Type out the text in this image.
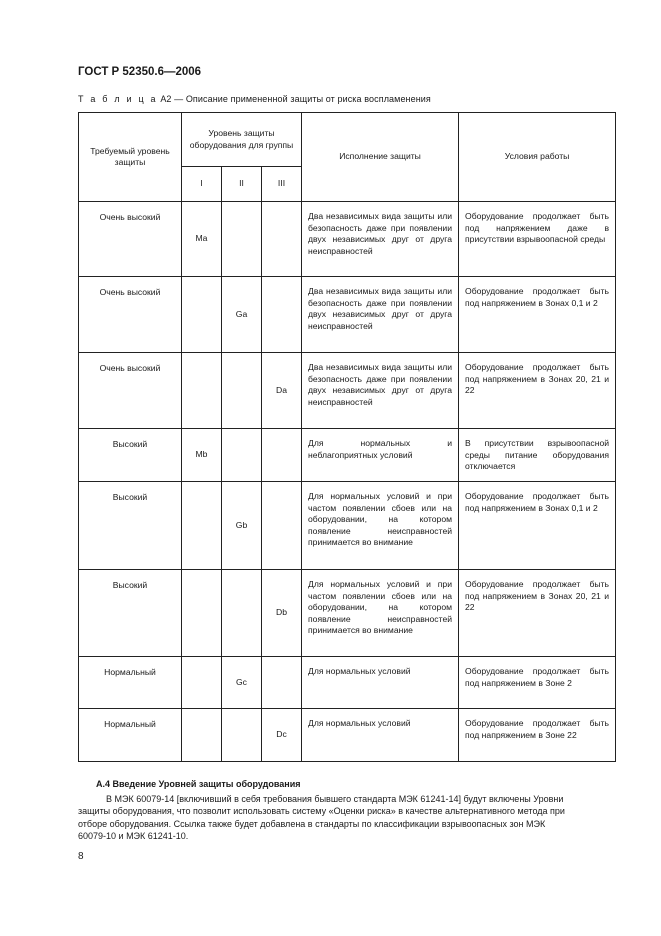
ГОСТ Р 52350.6—2006
Т а б л и ц а А2 — Описание примененной защиты от риска воспламенения
Требуемый уровень защиты	Уровень защиты оборудования для группы			Исполнение защиты	Условия работы
	I	II	III		
Очень высокий	Ma			Два независимых вида защиты или безопасность даже при появлении двух независимых друг от друга неисправностей	Оборудование продолжает быть под напряжением даже в присутствии взрывоопасной среды
Очень высокий		Ga		Два независимых вида защиты или безопасность даже при появлении двух независимых друг от друга неисправностей	Оборудование продолжает быть под напряжением в Зонах 0,1 и 2
Очень высокий			Da	Два независимых вида защиты или безопасность даже при появлении двух независимых друг от друга неисправностей	Оборудование продолжает быть под напряжением в Зонах 20, 21 и 22
Высокий	Mb			Для нормальных и неблагоприятных условий	В присутствии взрывоопасной среды питание оборудования отключается
Высокий		Gb		Для нормальных условий и при частом появлении сбоев или на оборудовании, на котором появление неисправностей принимается во внимание	Оборудование продолжает быть под напряжением в Зонах 0,1 и 2
Высокий			Db	Для нормальных условий и при частом появлении сбоев или на оборудовании, на котором появление неисправностей принимается во внимание	Оборудование продолжает быть под напряжением в Зонах 20, 21 и 22
Нормальный		Gc		Для нормальных условий	Оборудование продолжает быть под напряжением в Зоне 2
Нормальный			Dc	Для нормальных условий	Оборудование продолжает быть под напряжением в Зоне 22
А.4 Введение Уровней защиты оборудования
В МЭК 60079-14 [включивший в себя требования бывшего стандарта МЭК 61241-14] будут включены Уровни
защиты оборудования, что позволит использовать систему «Оценки риска» в качестве альтернативного метода при
отборе оборудования. Ссылка также будет добавлена в стандарты по классификации взрывоопасных зон МЭК
60079-10 и МЭК 61241-10.
8
